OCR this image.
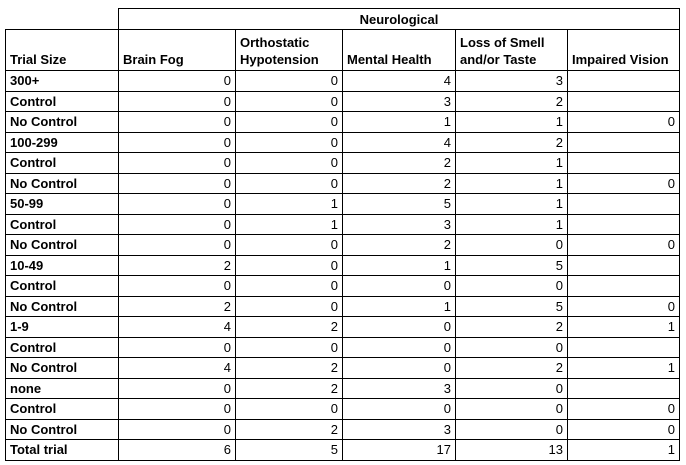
	Neurological				
Trial Size	Brain Fog	Orthostatic Hypotension	Mental Health	Loss of Smell and/or Taste	Impaired Vision
300+	0	0	4	3	
Control	0	0	3	2	
No Control	0	0	1	1	0
100-299	0	0	4	2	
Control	0	0	2	1	
No Control	0	0	2	1	0
50-99	0	1	5	1	
Control	0	1	3	1	
No Control	0	0	2	0	0
10-49	2	0	1	5	
Control	0	0	0	0	
No Control	2	0	1	5	0
1-9	4	2	0	2	1
Control	0	0	0	0	
No Control	4	2	0	2	1
none	0	2	3	0	
Control	0	0	0	0	0
No Control	0	2	3	0	0
Total trial	6	5	17	13	1
